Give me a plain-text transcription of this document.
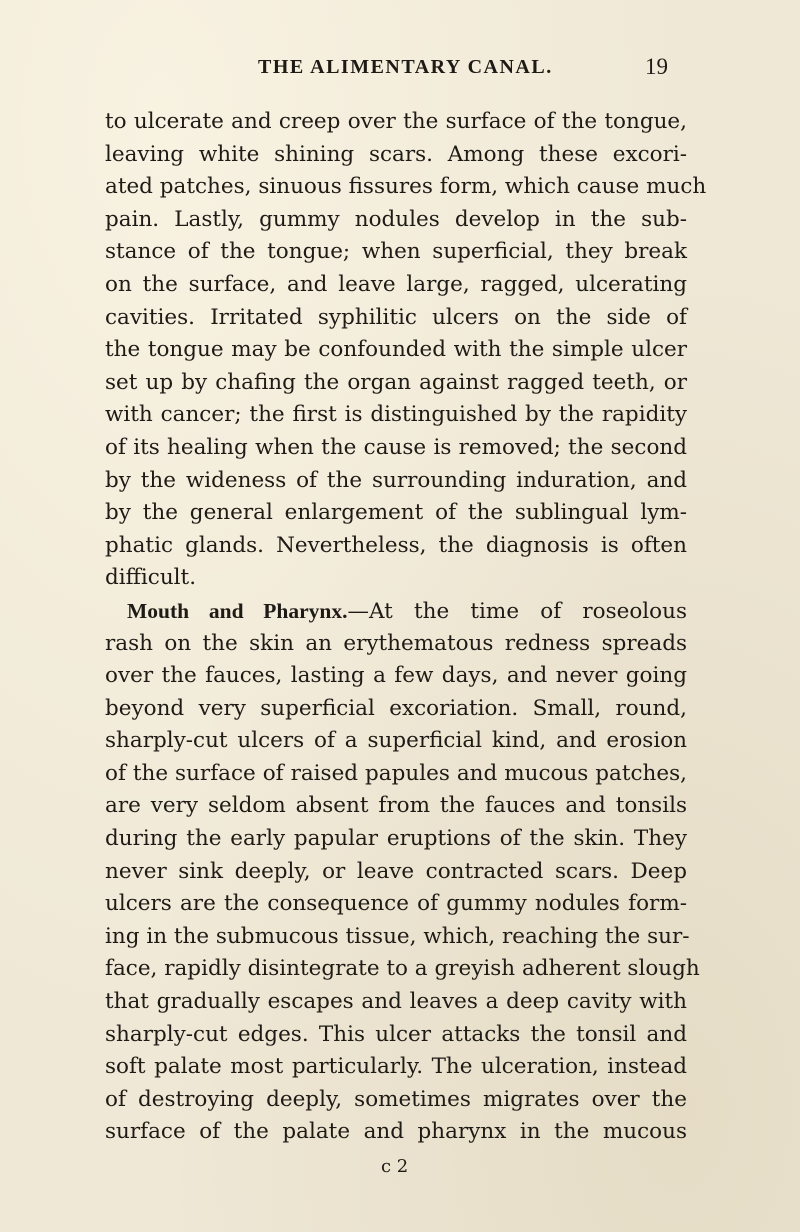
THE ALIMENTARY CANAL.	19
to ulcerate and creep over the surface of the tongue,
leaving white shining scars. Among these excori-
ated patches, sinuous fissures form, which cause much
pain. Lastly, gummy nodules develop in the sub-
stance of the tongue; when superficial, they break
on the surface, and leave large, ragged, ulcerating
cavities. Irritated syphilitic ulcers on the side of
the tongue may be confounded with the simple ulcer
set up by chafing the organ against ragged teeth, or
with cancer; the first is distinguished by the rapidity
of its healing when the cause is removed; the second
by the wideness of the surrounding induration, and
by the general enlargement of the sublingual lym-
phatic glands. Nevertheless, the diagnosis is often
difficult.
Mouth and Pharynx.—At the time of roseolous
rash on the skin an erythematous redness spreads
over the fauces, lasting a few days, and never going
beyond very superficial excoriation. Small, round,
sharply-cut ulcers of a superficial kind, and erosion
of the surface of raised papules and mucous patches,
are very seldom absent from the fauces and tonsils
during the early papular eruptions of the skin. They
never sink deeply, or leave contracted scars. Deep
ulcers are the consequence of gummy nodules form-
ing in the submucous tissue, which, reaching the sur-
face, rapidly disintegrate to a greyish adherent slough
that gradually escapes and leaves a deep cavity with
sharply-cut edges. This ulcer attacks the tonsil and
soft palate most particularly. The ulceration, instead
of destroying deeply, sometimes migrates over the
surface of the palate and pharynx in the mucous
c 2
